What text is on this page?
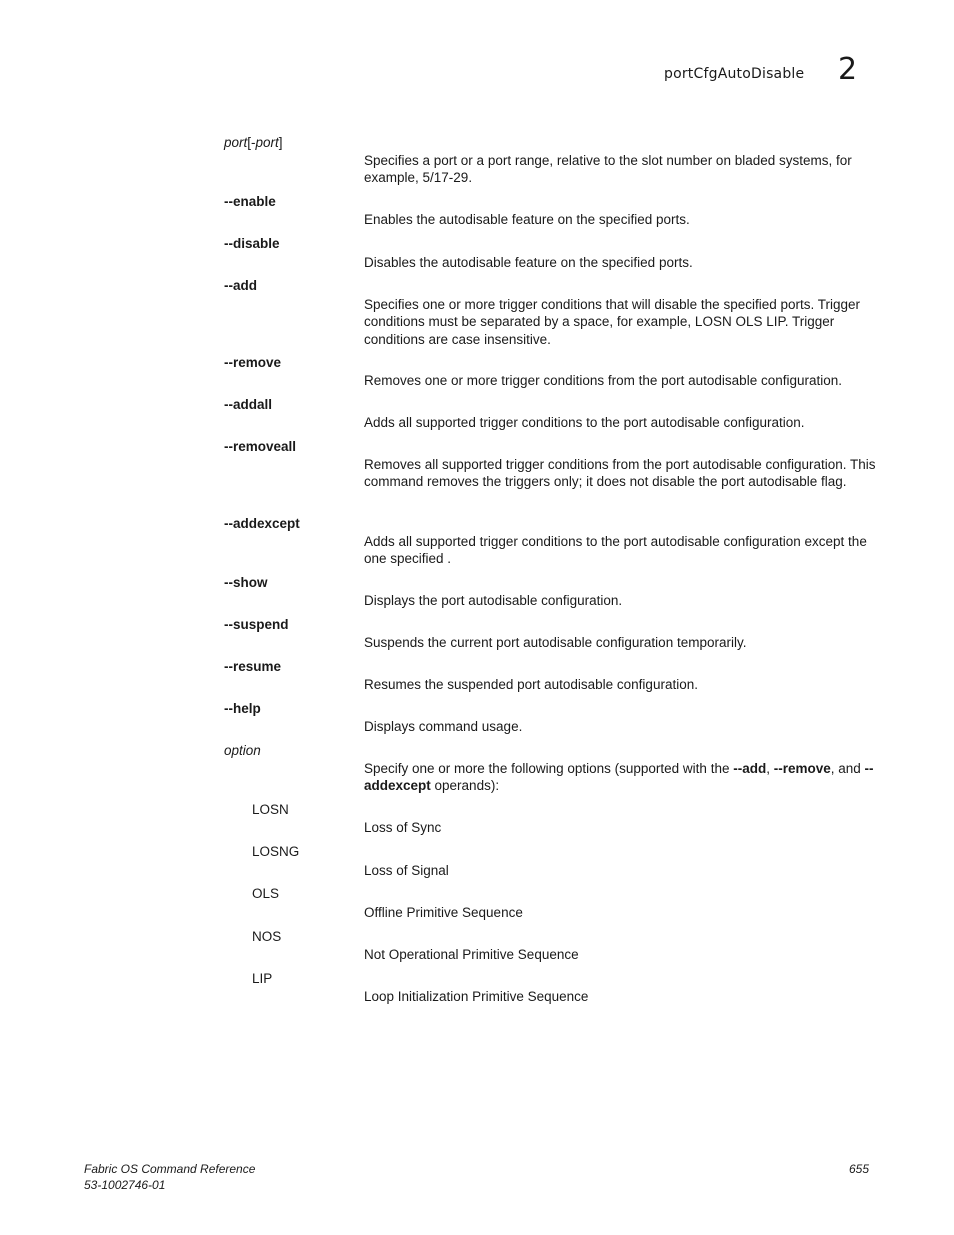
portCfgAutoDisable 2
port[-port]
Specifies a port or a port range, relative to the slot number on bladed systems, for example, 5/17-29.
--enable
Enables the autodisable feature on the specified ports.
--disable
Disables the autodisable feature on the specified ports.
--add
Specifies one or more trigger conditions that will disable the specified ports. Trigger conditions must be separated by a space, for example, LOSN OLS LIP. Trigger conditions are case insensitive.
--remove
Removes one or more trigger conditions from the port autodisable configuration.
--addall
Adds all supported trigger conditions to the port autodisable configuration.
--removeall
Removes all supported trigger conditions from the port autodisable configuration. This command removes the triggers only; it does not disable the port autodisable flag.
--addexcept
Adds all supported trigger conditions to the port autodisable configuration except the one specified .
--show
Displays the port autodisable configuration.
--suspend
Suspends the current port autodisable configuration temporarily.
--resume
Resumes the suspended port autodisable configuration.
--help
Displays command usage.
option
Specify one or more the following options (supported with the --add, --remove, and --addexcept operands):
LOSN
Loss of Sync
LOSNG
Loss of Signal
OLS
Offline Primitive Sequence
NOS
Not Operational Primitive Sequence
LIP
Loop Initialization Primitive Sequence
Fabric OS Command Reference
53-1002746-01
655
